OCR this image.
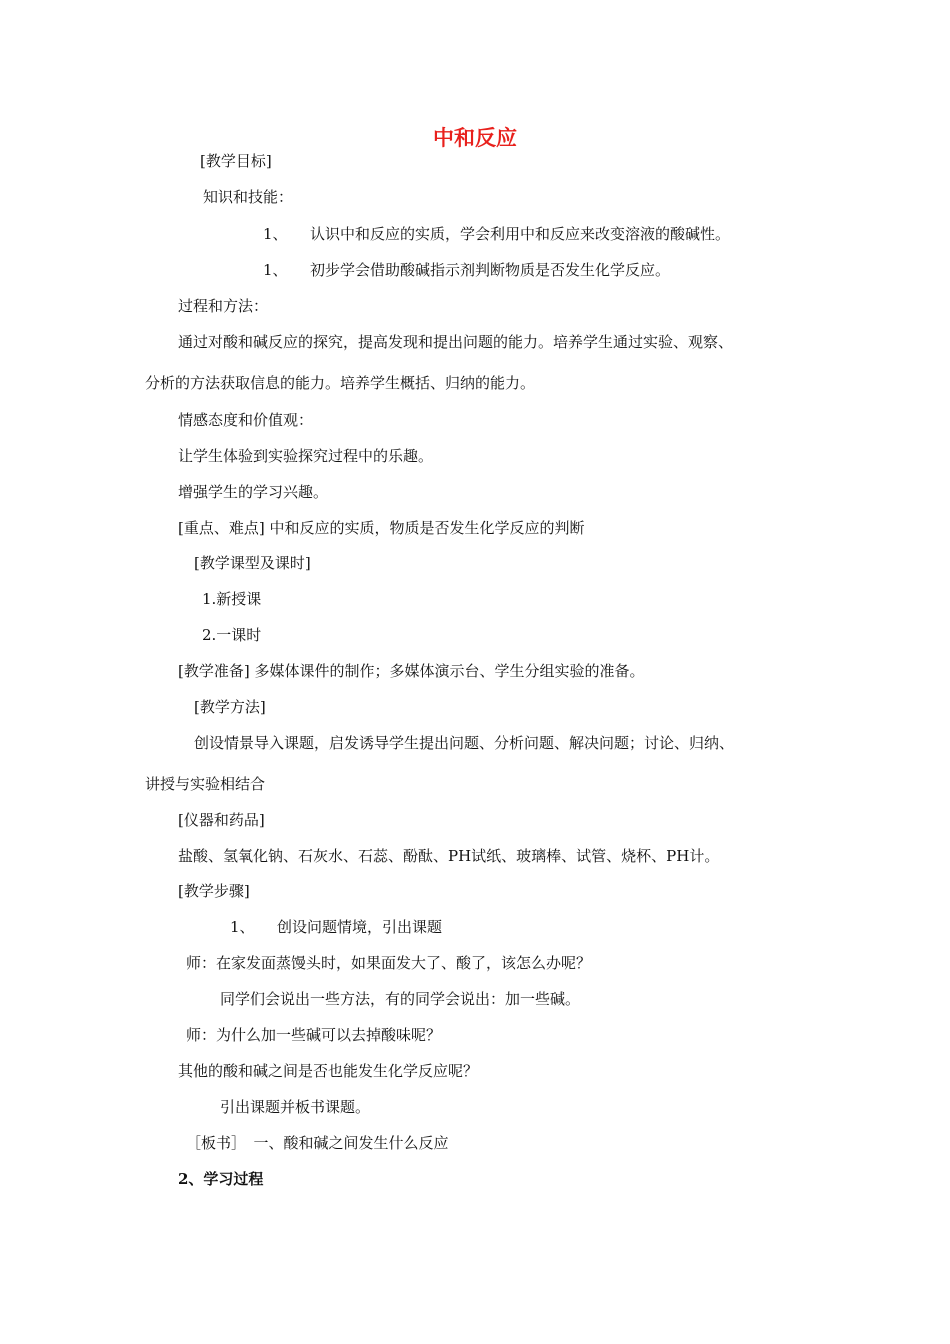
中和反应
[教学目标]
知识和技能：
1、　　认识中和反应的实质，学会利用中和反应来改变溶液的酸碱性。
1、　　初步学会借助酸碱指示剂判断物质是否发生化学反应。
过程和方法：
通过对酸和碱反应的探究，提高发现和提出问题的能力。培养学生通过实验、观察、
分析的方法获取信息的能力。培养学生概括、归纳的能力。
情感态度和价值观：
让学生体验到实验探究过程中的乐趣。
增强学生的学习兴趣。
[重点、难点] 中和反应的实质，物质是否发生化学反应的判断
[教学课型及课时]
1.新授课
2.一课时
[教学准备] 多媒体课件的制作；多媒体演示台、学生分组实验的准备。
[教学方法]
创设情景导入课题，启发诱导学生提出问题、分析问题、解决问题；讨论、归纳、
讲授与实验相结合
[仪器和药品]
盐酸、氢氧化钠、石灰水、石蕊、酚酞、PH试纸、玻璃棒、试管、烧杯、PH计。
[教学步骤]
1、　　创设问题情境，引出课题
师：在家发面蒸馒头时，如果面发大了、酸了，该怎么办呢？
同学们会说出一些方法，有的同学会说出：加一些碱。
师：为什么加一些碱可以去掉酸味呢？
其他的酸和碱之间是否也能发生化学反应呢？
引出课题并板书课题。
［板书］　一、酸和碱之间发生什么反应
2、学习过程
